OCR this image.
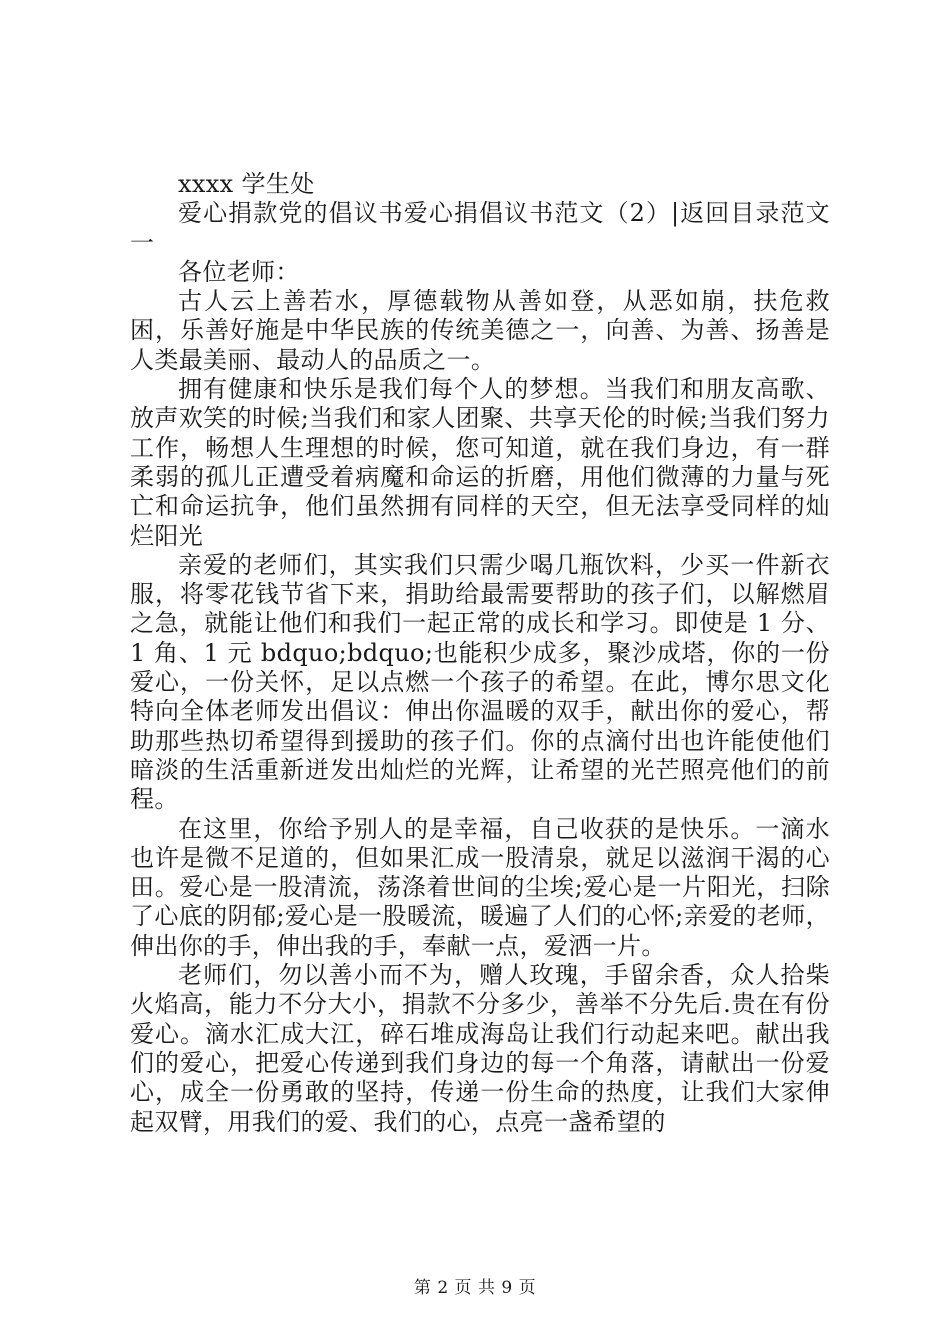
xxxx 学生处

爱心捐款党的倡议书爱心捐倡议书范文（2）|返回目录范文一

各位老师：

古人云上善若水，厚德载物从善如登，从恶如崩，扶危救困，乐善好施是中华民族的传统美德之一，向善、为善、扬善是人类最美丽、最动人的品质之一。

拥有健康和快乐是我们每个人的梦想。当我们和朋友高歌、放声欢笑的时候;当我们和家人团聚、共享天伦的时候;当我们努力工作，畅想人生理想的时候，您可知道，就在我们身边，有一群柔弱的孤儿正遭受着病魔和命运的折磨，用他们微薄的力量与死亡和命运抗争，他们虽然拥有同样的天空，但无法享受同样的灿烂阳光

亲爱的老师们，其实我们只需少喝几瓶饮料，少买一件新衣服，将零花钱节省下来，捐助给最需要帮助的孩子们，以解燃眉之急，就能让他们和我们一起正常的成长和学习。即使是 1 分、1 角、1 元 bdquo;bdquo;也能积少成多，聚沙成塔，你的一份爱心，一份关怀，足以点燃一个孩子的希望。在此，博尔思文化特向全体老师发出倡议：伸出你温暖的双手，献出你的爱心，帮助那些热切希望得到援助的孩子们。你的点滴付出也许能使他们暗淡的生活重新迸发出灿烂的光辉，让希望的光芒照亮他们的前程。

在这里，你给予别人的是幸福，自己收获的是快乐。一滴水也许是微不足道的，但如果汇成一股清泉，就足以滋润干渴的心田。爱心是一股清流，荡涤着世间的尘埃;爱心是一片阳光，扫除了心底的阴郁;爱心是一股暖流，暖遍了人们的心怀;亲爱的老师，伸出你的手，伸出我的手，奉献一点，爱洒一片。

老师们，勿以善小而不为，赠人玫瑰，手留余香，众人拾柴火焰高，能力不分大小，捐款不分多少，善举不分先后.贵在有份爱心。滴水汇成大江，碎石堆成海岛让我们行动起来吧。献出我们的爱心，把爱心传递到我们身边的每一个角落，请献出一份爱心，成全一份勇敢的坚持，传递一份生命的热度，让我们大家伸起双臂，用我们的爱、我们的心，点亮一盏希望的

第 2 页 共 9 页
